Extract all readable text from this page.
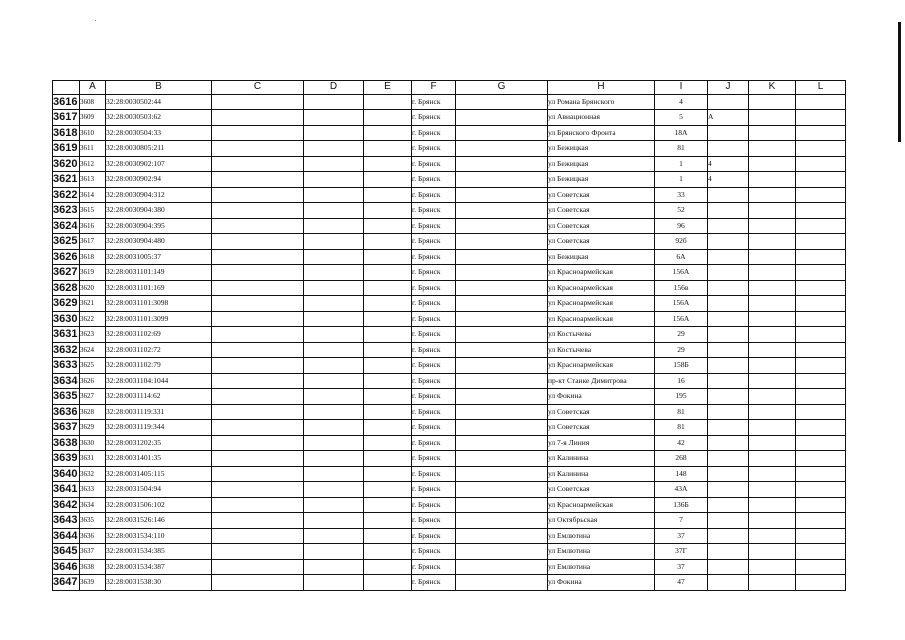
	A	B	C	D	E	F	G	H	I	J	K	L
3616	3608	32:28:0030502:44				г. Брянск		ул Романа Брянского	4			
3617	3609	32:28:0030503:62				г. Брянск		ул Авиационная	5	А		
3618	3610	32:28:0030504:33				г. Брянск		ул Брянского Фронта	18А			
3619	3611	32:28:0030805:211				г. Брянск		ул Бежицкая	81			
3620	3612	32:28:0030902:107				г. Брянск		ул Бежицкая	1	4		
3621	3613	32:28:0030902:94				г. Брянск		ул Бежицкая	1	4		
3622	3614	32:28:0030904:312				г. Брянск		ул Советская	33			
3623	3615	32:28:0030904:380				г. Брянск		ул Советская	52			
3624	3616	32:28:0030904:395				г. Брянск		ул Советская	96			
3625	3617	32:28:0030904:480				г. Брянск		ул Советская	92б			
3626	3618	32:28:0031005:37				г. Брянск		ул Бежицкая	6А			
3627	3619	32:28:0031101:149				г. Брянск		ул Красноармейская	156А			
3628	3620	32:28:0031101:169				г. Брянск		ул Красноармейская	156в			
3629	3621	32:28:0031101:3098				г. Брянск		ул Красноармейская	156А			
3630	3622	32:28:0031101:3099				г. Брянск		ул Красноармейская	156А			
3631	3623	32:28:0031102:69				г. Брянск		ул Костычева	29			
3632	3624	32:28:0031102:72				г. Брянск		ул Костычева	29			
3633	3625	32:28:0031102:79				г. Брянск		ул Красноармейская	158Б			
3634	3626	32:28:0031104:1044				г. Брянск		пр-кт Станке Димитрова	16			
3635	3627	32:28:0031114:62				г. Брянск		ул Фокина	195			
3636	3628	32:28:0031119:331				г. Брянск		ул Советская	81			
3637	3629	32:28:0031119:344				г. Брянск		ул Советская	81			
3638	3630	32:28:0031202:35				г. Брянск		ул 7-я Линия	42			
3639	3631	32:28:0031401:35				г. Брянск		ул Калинина	268			
3640	3632	32:28:0031405:115				г. Брянск		ул Калинина	148			
3641	3633	32:28:0031504:94				г. Брянск		ул Советская	43А			
3642	3634	32:28:0031506:102				г. Брянск		ул Красноармейская	136Б			
3643	3635	32:28:0031526:146				г. Брянск		ул Октябрьская	7			
3644	3636	32:28:0031534:110				г. Брянск		ул Емлютина	37			
3645	3637	32:28:0031534:385				г. Брянск		ул Емлютина	37Г			
3646	3638	32:28:0031534:387				г. Брянск		ул Емлютина	37			
3647	3639	32:28:0031538:30				г. Брянск		ул Фокина	47			
